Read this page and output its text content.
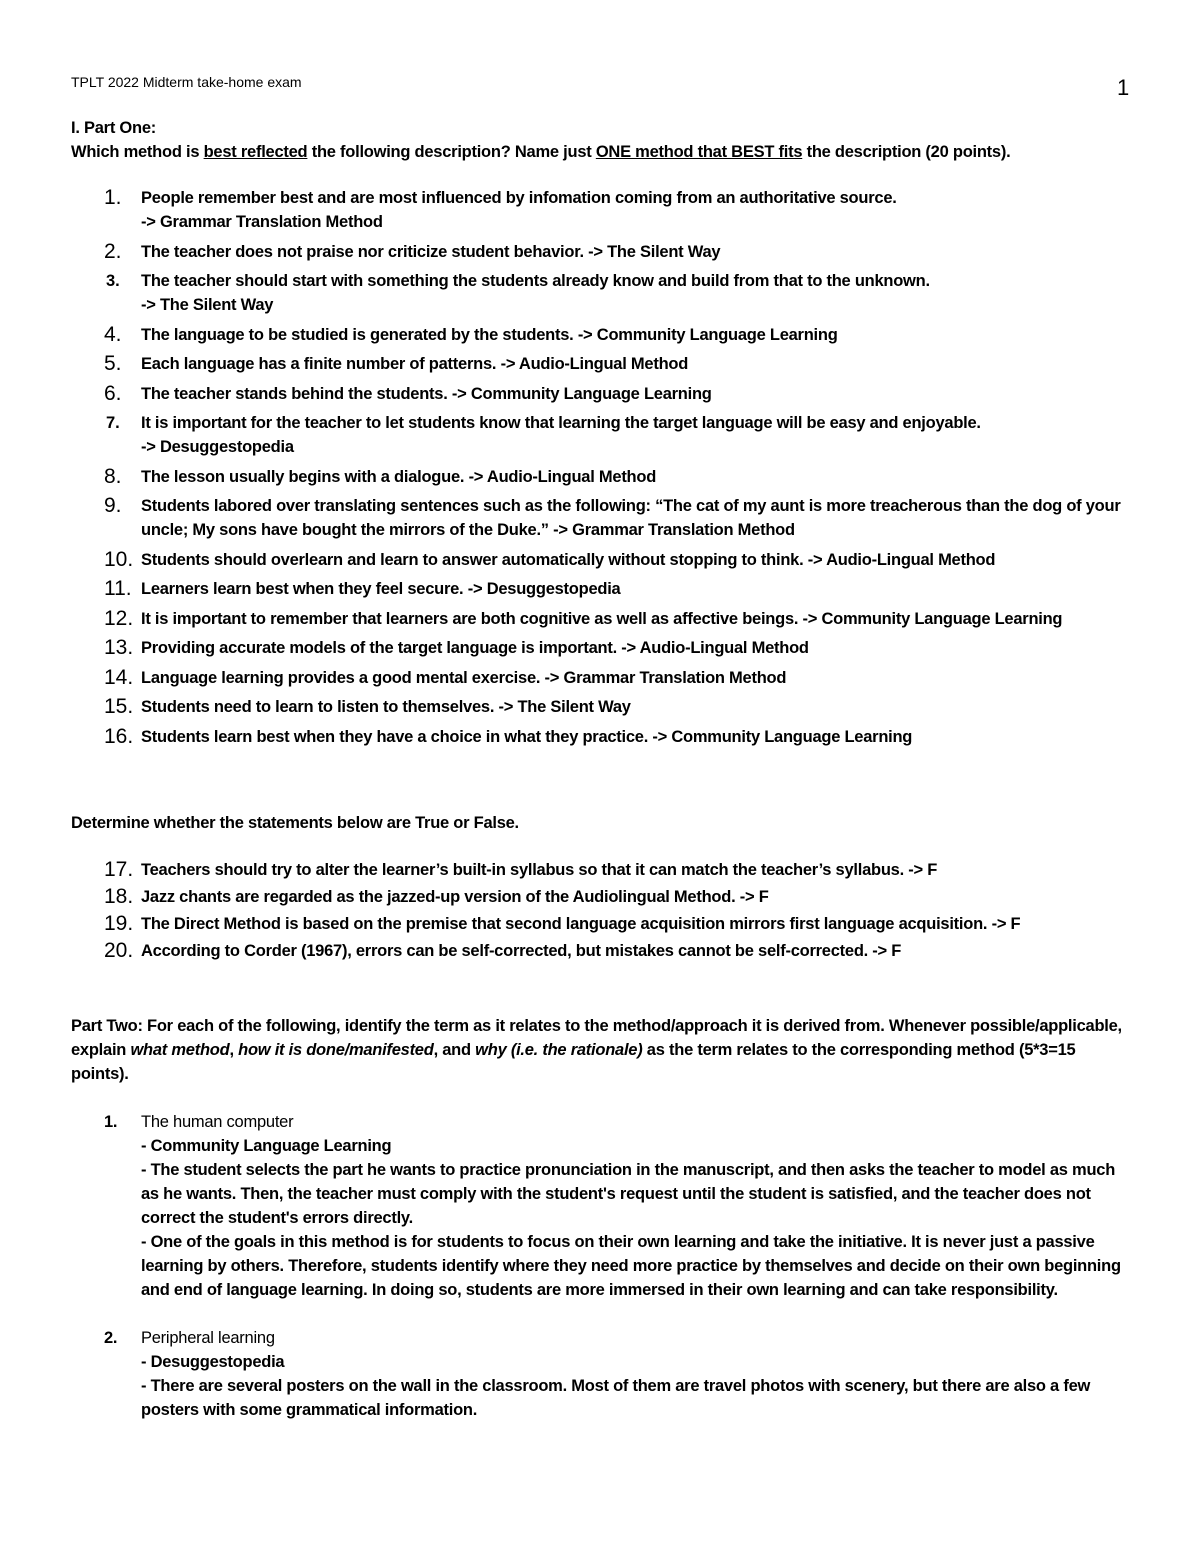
TPLT 2022 Midterm take-home exam	1
I. Part One:
Which method is best reflected the following description? Name just ONE method that BEST fits the description (20 points).
1. People remember best and are most influenced by infomation coming from an authoritative source.
-> Grammar Translation Method
2. The teacher does not praise nor criticize student behavior. -> The Silent Way
3. The teacher should start with something the students already know and build from that to the unknown.
-> The Silent Way
4. The language to be studied is generated by the students. -> Community Language Learning
5. Each language has a finite number of patterns. -> Audio-Lingual Method
6. The teacher stands behind the students. -> Community Language Learning
7. It is important for the teacher to let students know that learning the target language will be easy and enjoyable.
-> Desuggestopedia
8. The lesson usually begins with a dialogue. -> Audio-Lingual Method
9. Students labored over translating sentences such as the following: “The cat of my aunt is more treacherous than the dog of your uncle; My sons have bought the mirrors of the Duke.” -> Grammar Translation Method
10. Students should overlearn and learn to answer automatically without stopping to think. -> Audio-Lingual Method
11. Learners learn best when they feel secure. -> Desuggestopedia
12. It is important to remember that learners are both cognitive as well as affective beings. -> Community Language Learning
13. Providing accurate models of the target language is important. -> Audio-Lingual Method
14. Language learning provides a good mental exercise. -> Grammar Translation Method
15. Students need to learn to listen to themselves. -> The Silent Way
16. Students learn best when they have a choice in what they practice. -> Community Language Learning
Determine whether the statements below are True or False.
17. Teachers should try to alter the learner’s built-in syllabus so that it can match the teacher’s syllabus. -> F
18. Jazz chants are regarded as the jazzed-up version of the Audiolingual Method. -> F
19. The Direct Method is based on the premise that second language acquisition mirrors first language acquisition. -> F
20. According to Corder (1967), errors can be self-corrected, but mistakes cannot be self-corrected. -> F
Part Two: For each of the following, identify the term as it relates to the method/approach it is derived from. Whenever possible/applicable, explain what method, how it is done/manifested, and why (i.e. the rationale) as the term relates to the corresponding method (5*3=15 points).
1. The human computer
- Community Language Learning
- The student selects the part he wants to practice pronunciation in the manuscript, and then asks the teacher to model as much as he wants. Then, the teacher must comply with the student's request until the student is satisfied, and the teacher does not correct the student's errors directly.
- One of the goals in this method is for students to focus on their own learning and take the initiative. It is never just a passive learning by others. Therefore, students identify where they need more practice by themselves and decide on their own beginning and end of language learning. In doing so, students are more immersed in their own learning and can take responsibility.
2. Peripheral learning
- Desuggestopedia
- There are several posters on the wall in the classroom. Most of them are travel photos with scenery, but there are also a few posters with some grammatical information.
